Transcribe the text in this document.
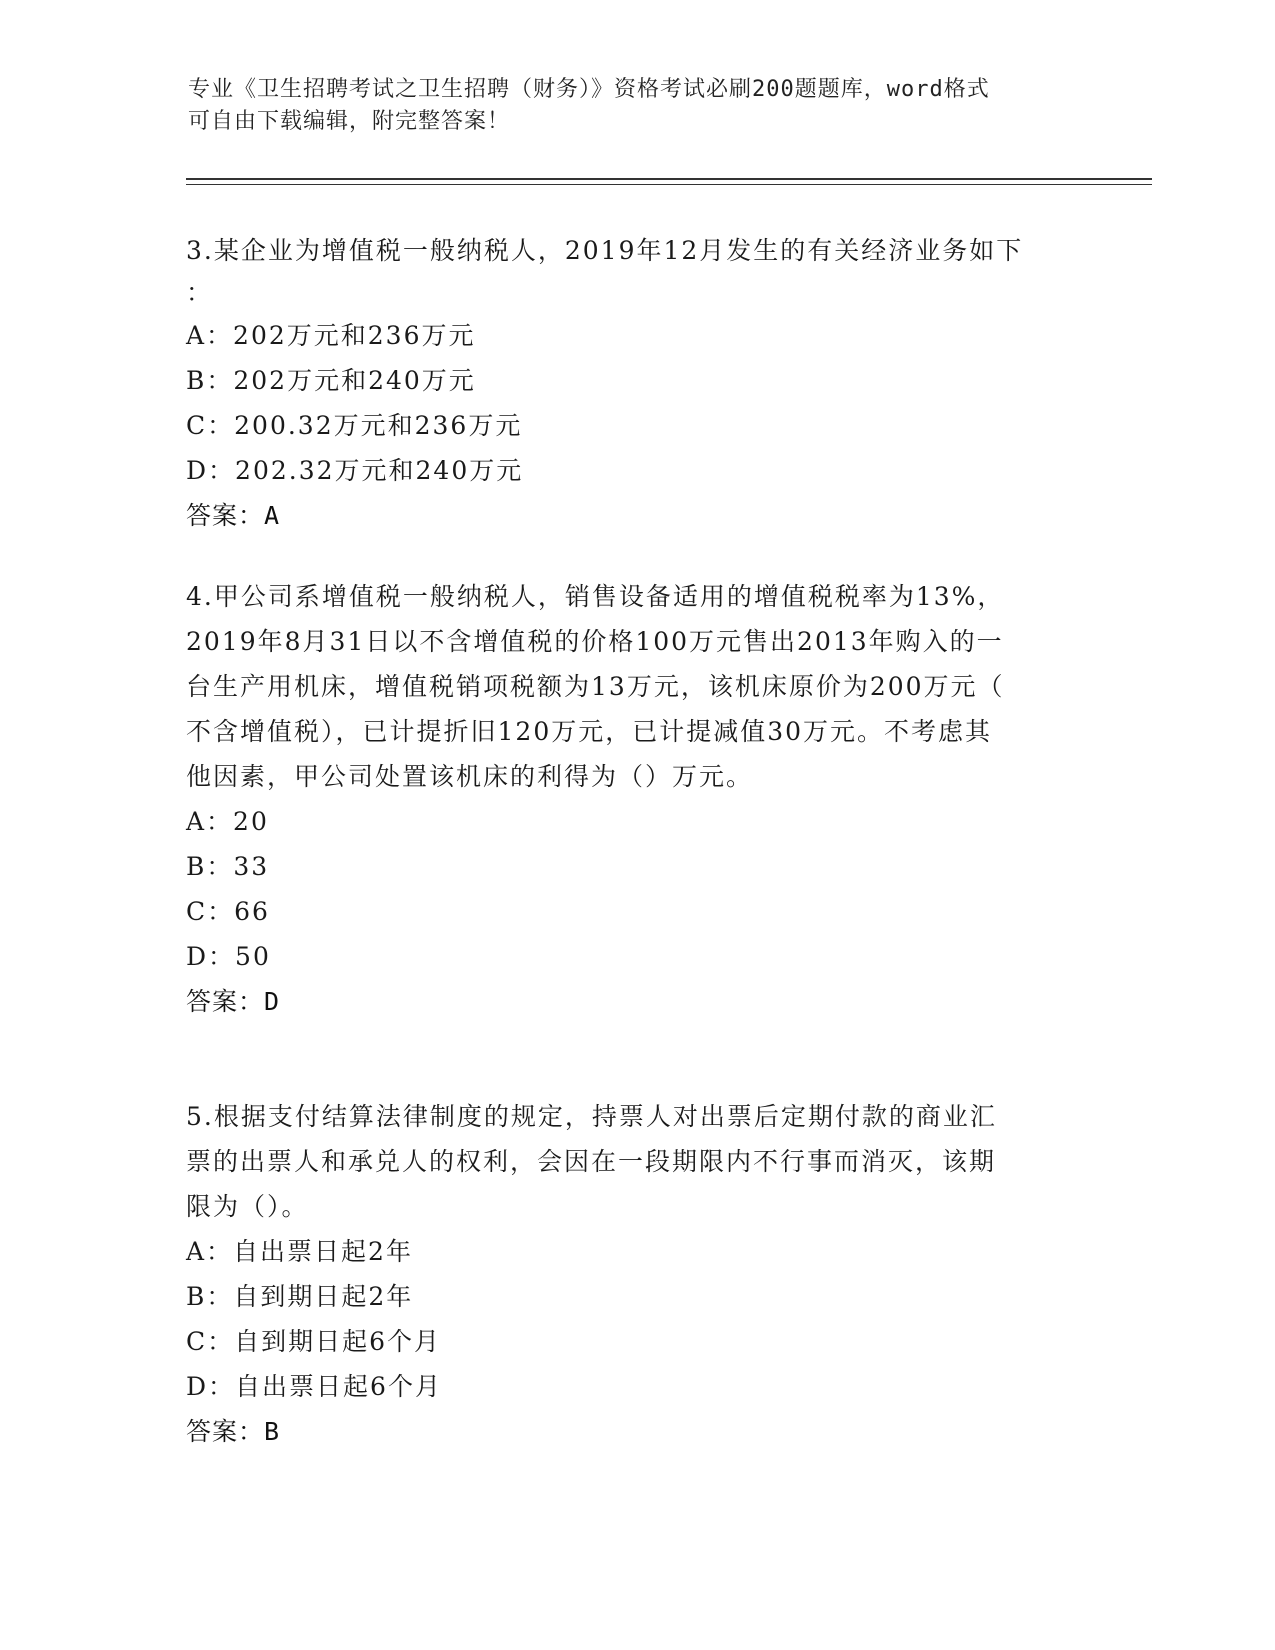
专业《卫生招聘考试之卫生招聘（财务）》资格考试必刷200题题库，word格式
可自由下载编辑，附完整答案！
3.某企业为增值税一般纳税人，2019年12月发生的有关经济业务如下
：
A：202万元和236万元
B：202万元和240万元
C：200.32万元和236万元
D：202.32万元和240万元
答案：A
4.甲公司系增值税一般纳税人，销售设备适用的增值税税率为13%，
2019年8月31日以不含增值税的价格100万元售出2013年购入的一
台生产用机床，增值税销项税额为13万元，该机床原价为200万元（
不含增值税），已计提折旧120万元，已计提减值30万元。不考虑其
他因素，甲公司处置该机床的利得为（）万元。
A：20
B：33
C：66
D：50
答案：D
5.根据支付结算法律制度的规定，持票人对出票后定期付款的商业汇
票的出票人和承兑人的权利，会因在一段期限内不行事而消灭，该期
限为（）。
A：自出票日起2年
B：自到期日起2年
C：自到期日起6个月
D：自出票日起6个月
答案：B
